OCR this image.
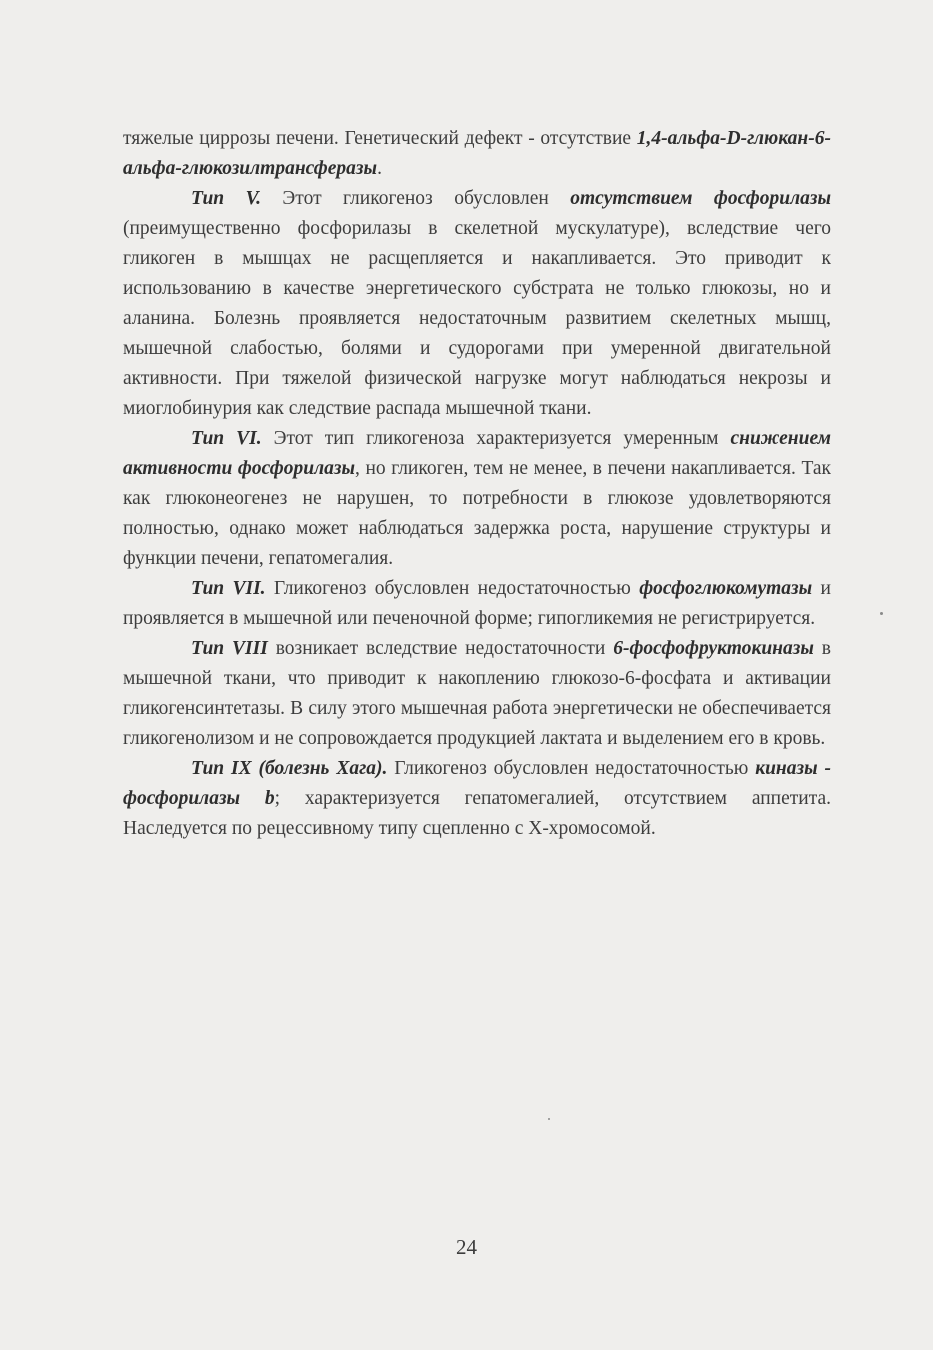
тяжелые циррозы печени. Генетический дефект - отсутствие 1,4-альфа-D-глюкан-6-альфа-глюкозилтрансферазы.

Тип V. Этот гликогеноз обусловлен отсутствием фосфорилазы (преимущественно фосфорилазы в скелетной мускулатуре), вследствие чего гликоген в мышцах не расщепляется и накапливается. Это приводит к использованию в качестве энергетического субстрата не только глюкозы, но и аланина. Болезнь проявляется недостаточным развитием скелетных мышц, мышечной слабостью, болями и судорогами при умеренной двигательной активности. При тяжелой физической нагрузке могут наблюдаться некрозы и миоглобинурия как следствие распада мышечной ткани.

Тип VI. Этот тип гликогеноза характеризуется умеренным снижением активности фосфорилазы, но гликоген, тем не менее, в печени накапливается. Так как глюконеогенез не нарушен, то потребности в глюкозе удовлетворяются полностью, однако может наблюдаться задержка роста, нарушение структуры и функции печени, гепатомегалия.

Тип VII. Гликогеноз обусловлен недостаточностью фосфоглюкомутазы и проявляется в мышечной или печеночной форме; гипогликемия не регистрируется.

Тип VIII возникает вследствие недостаточности 6-фосфофруктокиназы в мышечной ткани, что приводит к накоплению глюкозо-6-фосфата и активации гликогенсинтетазы. В силу этого мышечная работа энергетически не обеспечивается гликогенолизом и не сопровождается продукцией лактата и выделением его в кровь.

Тип IX (болезнь Хага). Гликогеноз обусловлен недостаточностью киназы - фосфорилазы b; характеризуется гепатомегалией, отсутствием аппетита. Наследуется по рецессивному типу сцепленно с Х-хромосомой.

24
